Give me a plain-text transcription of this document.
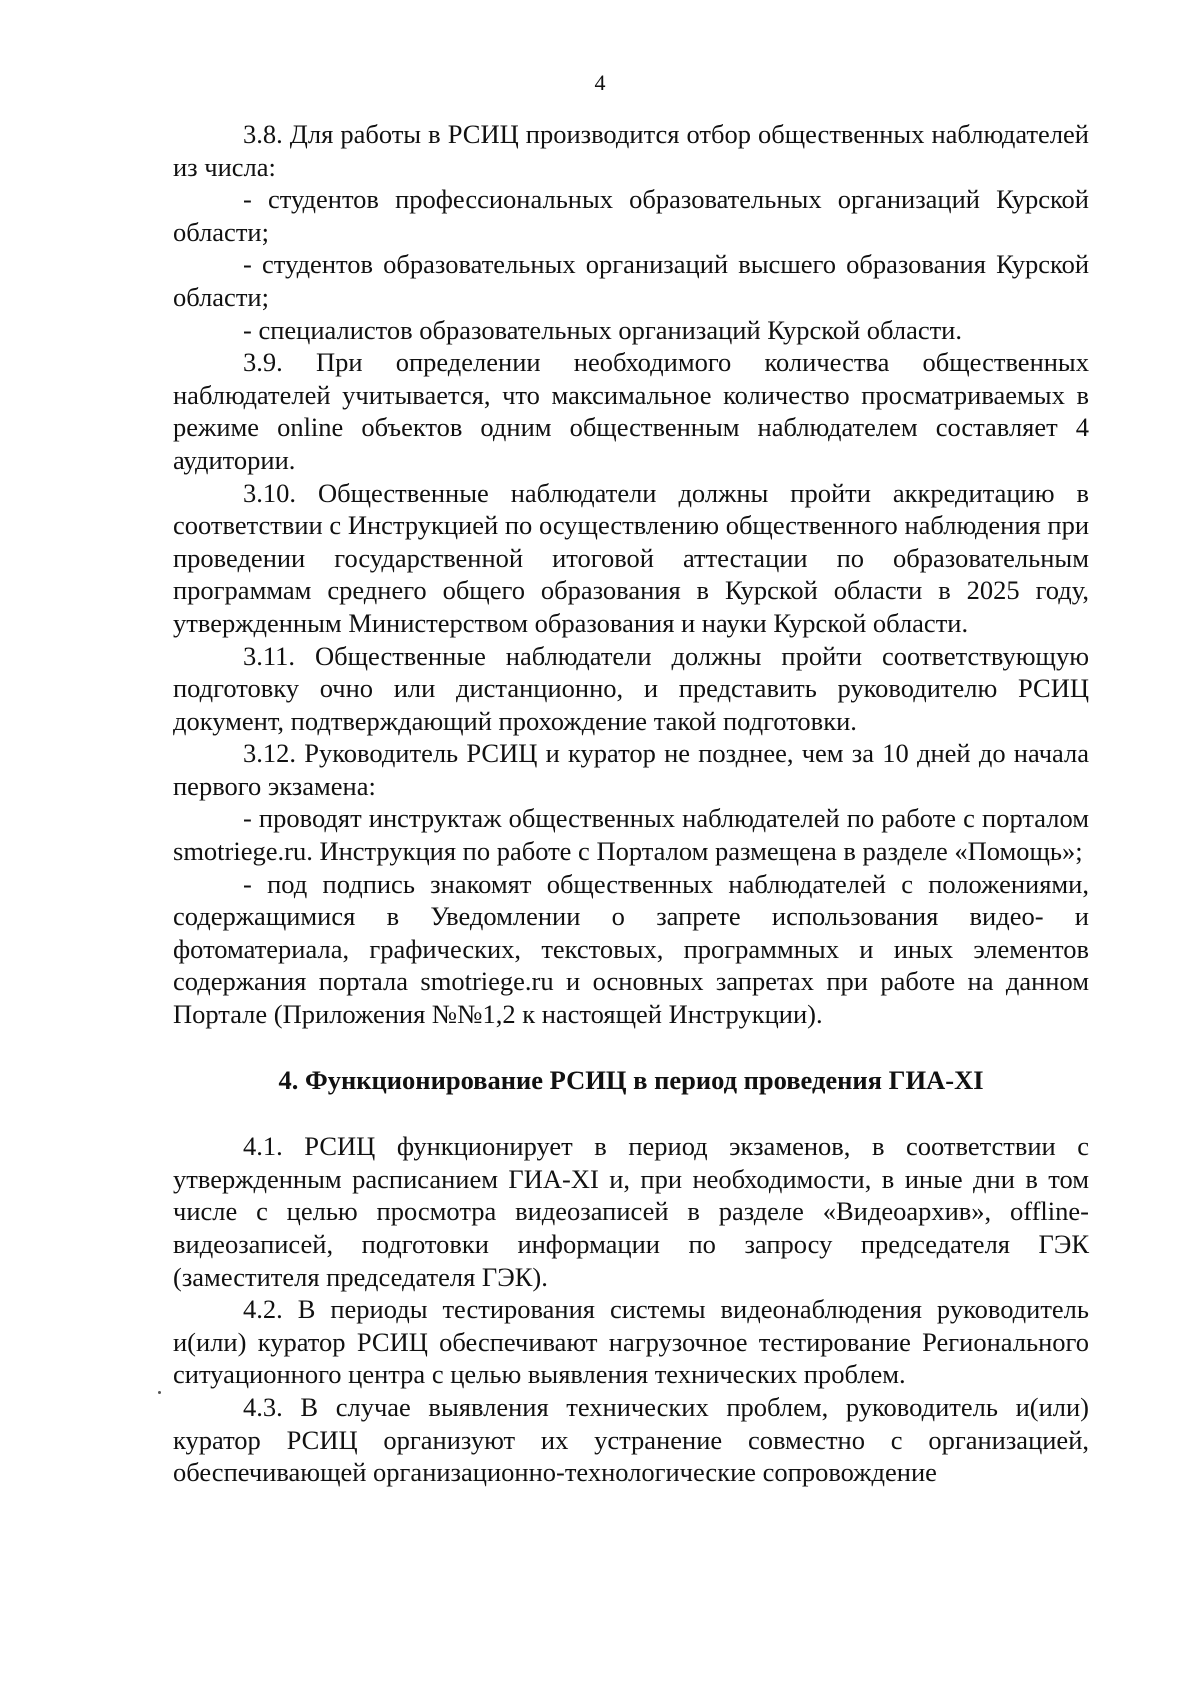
4

3.8. Для работы в РСИЦ производится отбор общественных наблюдателей из числа:

- студентов профессиональных образовательных организаций Курской области;

- студентов образовательных организаций высшего образования Курской области;

- специалистов образовательных организаций Курской области.

3.9. При определении необходимого количества общественных наблюдателей учитывается, что максимальное количество просматриваемых в режиме online объектов одним общественным наблюдателем составляет 4 аудитории.

3.10. Общественные наблюдатели должны пройти аккредитацию в соответствии с Инструкцией по осуществлению общественного наблюдения при проведении государственной итоговой аттестации по образовательным программам среднего общего образования в Курской области в 2025 году, утвержденным Министерством образования и науки Курской области.

3.11. Общественные наблюдатели должны пройти соответствующую подготовку очно или дистанционно, и представить руководителю РСИЦ документ, подтверждающий прохождение такой подготовки.

3.12. Руководитель РСИЦ и куратор не позднее, чем за 10 дней до начала первого экзамена:

- проводят инструктаж общественных наблюдателей по работе с порталом smotriege.ru. Инструкция по работе с Порталом размещена в разделе «Помощь»;

- под подпись знакомят общественных наблюдателей с положениями, содержащимися в Уведомлении о запрете использования видео- и фотоматериала, графических, текстовых, программных и иных элементов содержания портала smotriege.ru и основных запретах при работе на данном Портале (Приложения №№1,2 к настоящей Инструкции).

4. Функционирование РСИЦ в период проведения ГИА-XI

4.1. РСИЦ функционирует в период экзаменов, в соответствии с утвержденным расписанием ГИА-XI и, при необходимости, в иные дни в том числе с целью просмотра видеозаписей в разделе «Видеоархив», offline-видеозаписей, подготовки информации по запросу председателя ГЭК (заместителя председателя ГЭК).

4.2. В периоды тестирования системы видеонаблюдения руководитель и(или) куратор РСИЦ обеспечивают нагрузочное тестирование Регионального ситуационного центра с целью выявления технических проблем.

4.3. В случае выявления технических проблем, руководитель и(или) куратор РСИЦ организуют их устранение совместно с организацией, обеспечивающей организационно-технологические сопровождение
